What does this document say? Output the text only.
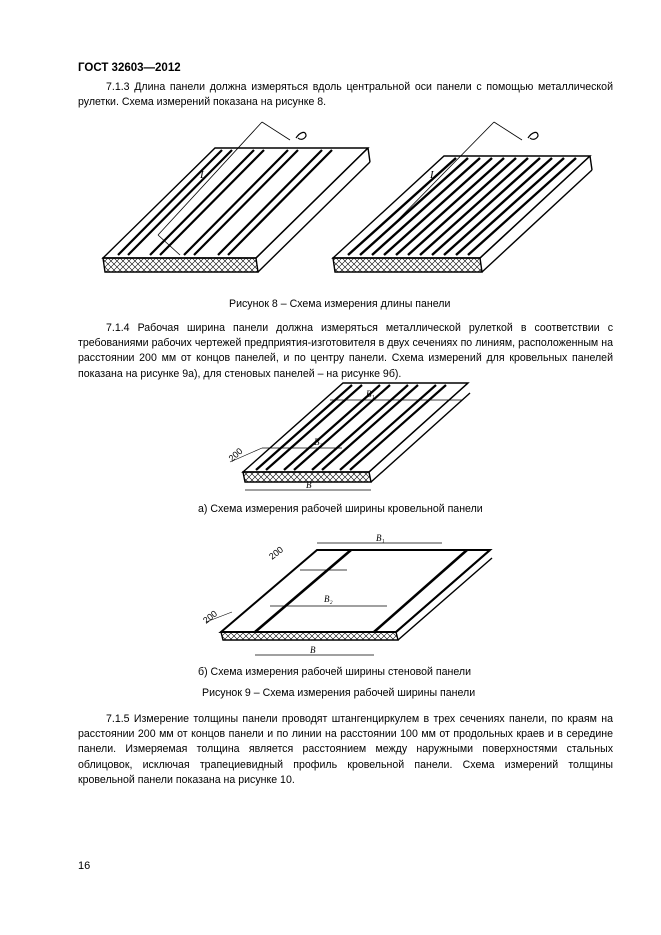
ГОСТ 32603—2012
7.1.3 Длина панели должна измеряться вдоль центральной оси панели с помощью металлической рулетки. Схема измерений показана на рисунке 8.
L	L
200
B₁
B₂
B
200
200
B₁
B₂
B
Рисунок 8 – Схема измерения длины панели
7.1.4 Рабочая ширина панели должна измеряться металлической рулеткой в соответствии с требованиями рабочих чертежей предприятия-изготовителя в двух сечениях по линиям, расположенным на расстоянии 200 мм от концов панелей, и по центру панели. Схема измерений для кровельных панелей показана на рисунке 9а), для стеновых панелей – на рисунке 9б).
а) Схема измерения рабочей ширины кровельной панели
б) Схема измерения рабочей ширины стеновой панели
Рисунок 9 – Схема измерения рабочей ширины панели
7.1.5 Измерение толщины панели проводят штангенциркулем в трех сечениях панели, по краям на расстоянии 200 мм от концов панели и по линии на расстоянии 100 мм от продольных краев и в середине панели. Измеряемая толщина является расстоянием между наружными поверхностями стальных облицовок, исключая трапециевидный профиль кровельной панели. Схема измерений толщины кровельной панели показана на рисунке 10.
16
